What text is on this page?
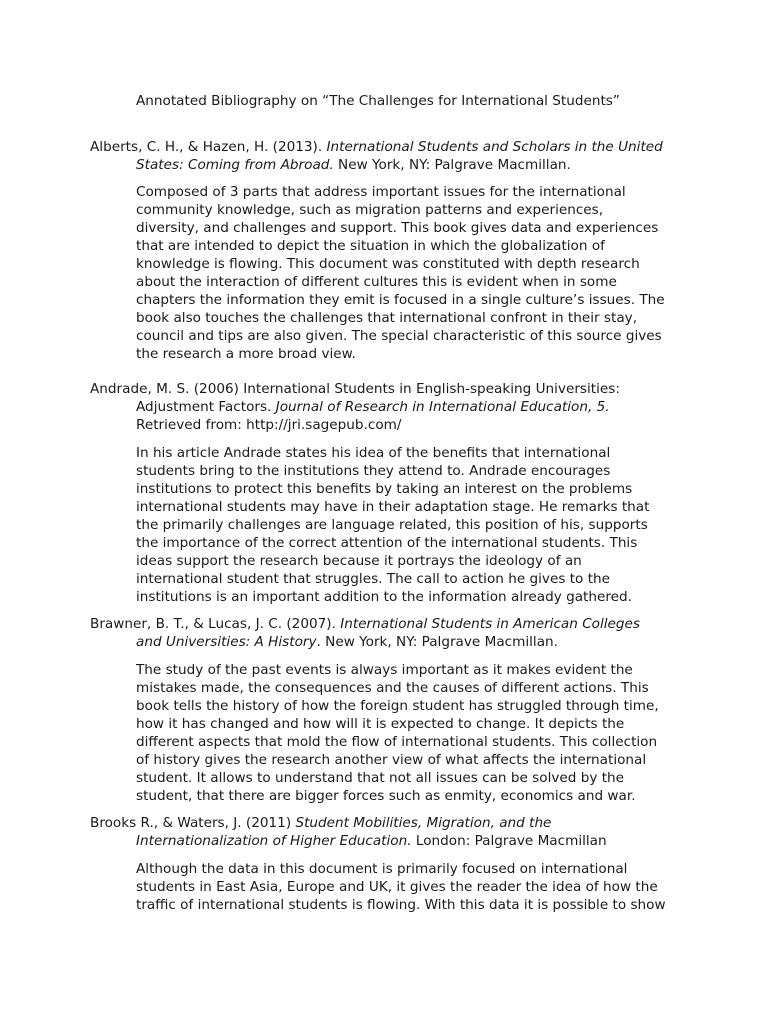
Annotated Bibliography on “The Challenges for International Students”
Alberts, C. H., & Hazen, H. (2013). International Students and Scholars in the United
States: Coming from Abroad. New York, NY: Palgrave Macmillan.
Composed of 3 parts that address important issues for the international
community knowledge, such as migration patterns and experiences,
diversity, and challenges and support. This book gives data and experiences
that are intended to depict the situation in which the globalization of
knowledge is flowing. This document was constituted with depth research
about the interaction of different cultures this is evident when in some
chapters the information they emit is focused in a single culture’s issues. The
book also touches the challenges that international confront in their stay,
council and tips are also given. The special characteristic of this source gives
the research a more broad view.
Andrade, M. S. (2006) International Students in English-speaking Universities:
Adjustment Factors. Journal of Research in International Education, 5.
Retrieved from: http://jri.sagepub.com/
In his article Andrade states his idea of the benefits that international
students bring to the institutions they attend to. Andrade encourages
institutions to protect this benefits by taking an interest on the problems
international students may have in their adaptation stage. He remarks that
the primarily challenges are language related, this position of his, supports
the importance of the correct attention of the international students. This
ideas support the research because it portrays the ideology of an
international student that struggles. The call to action he gives to the
institutions is an important addition to the information already gathered.
Brawner, B. T., & Lucas, J. C. (2007). International Students in American Colleges
and Universities: A History. New York, NY: Palgrave Macmillan.
The study of the past events is always important as it makes evident the
mistakes made, the consequences and the causes of different actions. This
book tells the history of how the foreign student has struggled through time,
how it has changed and how will it is expected to change. It depicts the
different aspects that mold the flow of international students. This collection
of history gives the research another view of what affects the international
student. It allows to understand that not all issues can be solved by the
student, that there are bigger forces such as enmity, economics and war.
Brooks R., & Waters, J. (2011) Student Mobilities, Migration, and the
Internationalization of Higher Education. London: Palgrave Macmillan
Although the data in this document is primarily focused on international
students in East Asia, Europe and UK, it gives the reader the idea of how the
traffic of international students is flowing. With this data it is possible to show
